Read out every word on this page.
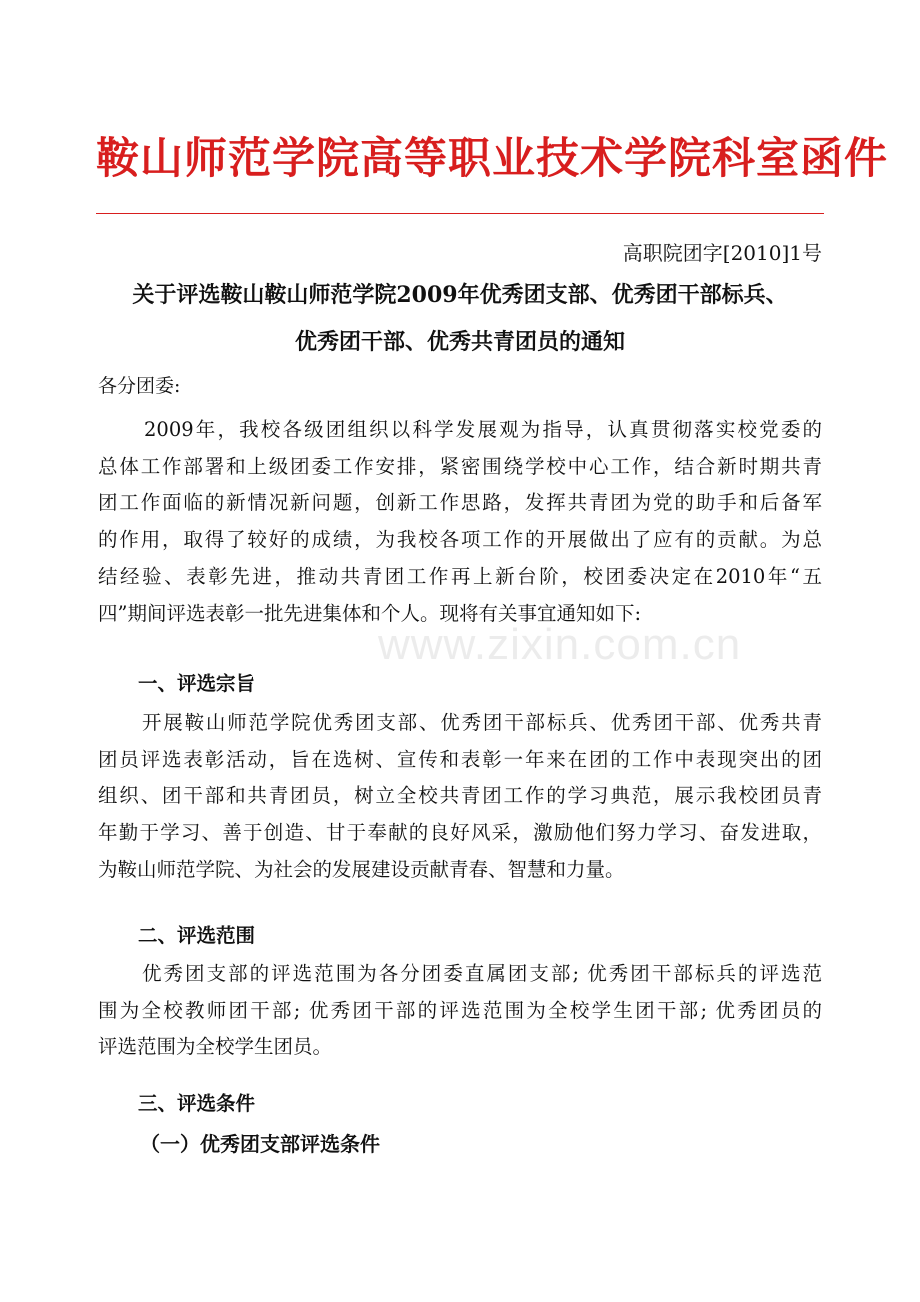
鞍山师范学院高等职业技术学院科室函件
高职院团字[2010]1号
关于评选鞍山鞍山师范学院2009年优秀团支部、优秀团干部标兵、
优秀团干部、优秀共青团员的通知
各分团委:
2009年，我校各级团组织以科学发展观为指导，认真贯彻落实校党委的
总体工作部署和上级团委工作安排，紧密围绕学校中心工作，结合新时期共青
团工作面临的新情况新问题，创新工作思路，发挥共青团为党的助手和后备军
的作用，取得了较好的成绩，为我校各项工作的开展做出了应有的贡献。为总
结经验、表彰先进，推动共青团工作再上新台阶，校团委决定在2010年“五
四”期间评选表彰一批先进集体和个人。现将有关事宜通知如下:
www.zixin.com.cn
一、评选宗旨
开展鞍山师范学院优秀团支部、优秀团干部标兵、优秀团干部、优秀共青
团员评选表彰活动，旨在选树、宣传和表彰一年来在团的工作中表现突出的团
组织、团干部和共青团员，树立全校共青团工作的学习典范，展示我校团员青
年勤于学习、善于创造、甘于奉献的良好风采，激励他们努力学习、奋发进取，
为鞍山师范学院、为社会的发展建设贡献青春、智慧和力量。
二、评选范围
优秀团支部的评选范围为各分团委直属团支部; 优秀团干部标兵的评选范
围为全校教师团干部; 优秀团干部的评选范围为全校学生团干部; 优秀团员的
评选范围为全校学生团员。
三、评选条件
（一）优秀团支部评选条件
